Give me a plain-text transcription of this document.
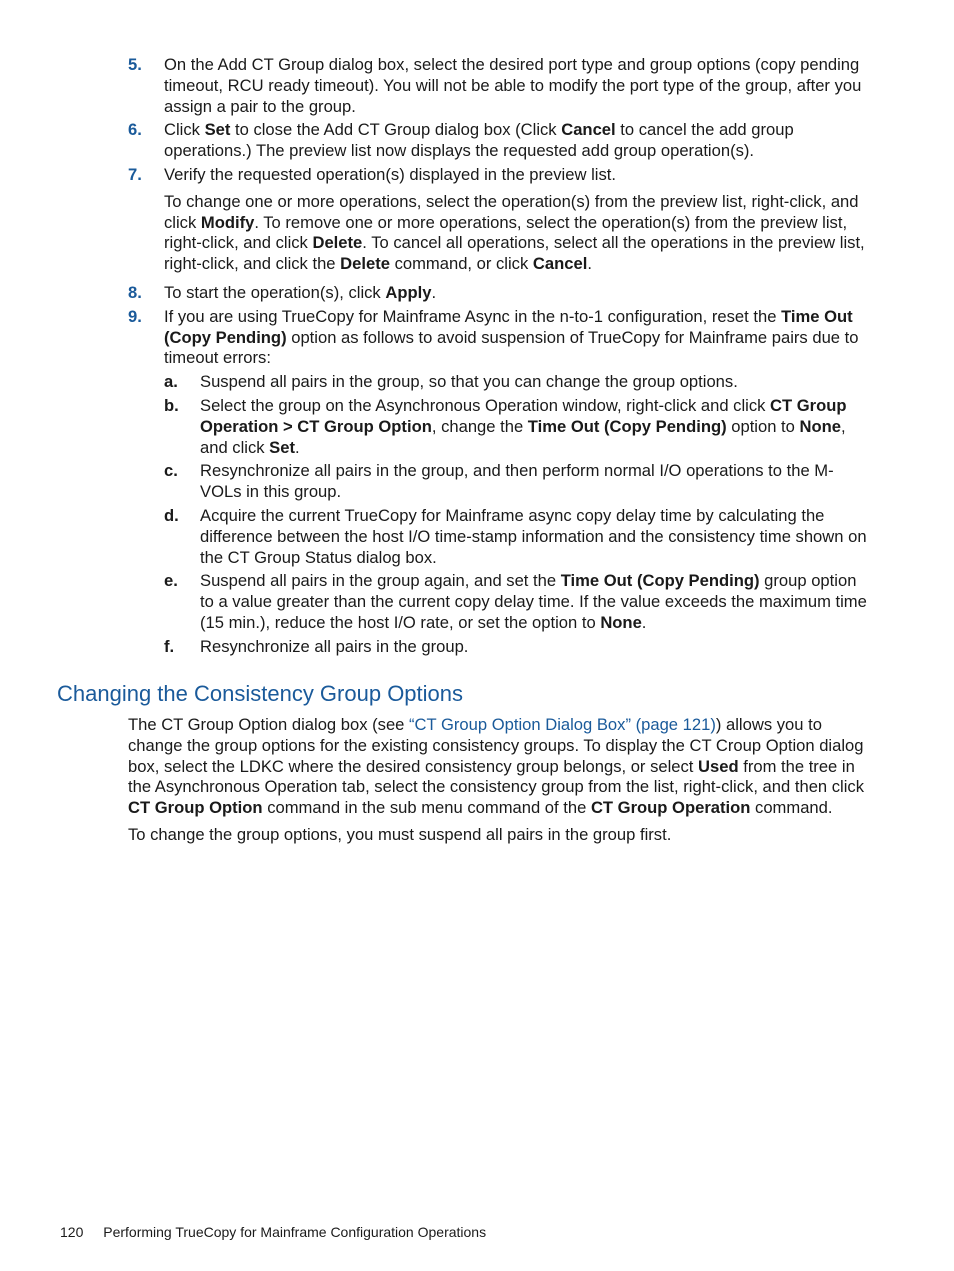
5.	On the Add CT Group dialog box, select the desired port type and group options (copy pending timeout, RCU ready timeout). You will not be able to modify the port type of the group, after you assign a pair to the group.
6.	Click Set to close the Add CT Group dialog box (Click Cancel to cancel the add group operations.) The preview list now displays the requested add group operation(s).
7.	Verify the requested operation(s) displayed in the preview list.
To change one or more operations, select the operation(s) from the preview list, right-click, and click Modify. To remove one or more operations, select the operation(s) from the preview list, right-click, and click Delete. To cancel all operations, select all the operations in the preview list, right-click, and click the Delete command, or click Cancel.
8.	To start the operation(s), click Apply.
9.	If you are using TrueCopy for Mainframe Async in the n-to-1 configuration, reset the Time Out (Copy Pending) option as follows to avoid suspension of TrueCopy for Mainframe pairs due to timeout errors:
a.	Suspend all pairs in the group, so that you can change the group options.
b.	Select the group on the Asynchronous Operation window, right-click and click CT Group Operation > CT Group Option, change the Time Out (Copy Pending) option to None, and click Set.
c.	Resynchronize all pairs in the group, and then perform normal I/O operations to the M-VOLs in this group.
d.	Acquire the current TrueCopy for Mainframe async copy delay time by calculating the difference between the host I/O time-stamp information and the consistency time shown on the CT Group Status dialog box.
e.	Suspend all pairs in the group again, and set the Time Out (Copy Pending) group option to a value greater than the current copy delay time. If the value exceeds the maximum time (15 min.), reduce the host I/O rate, or set the option to None.
f.	Resynchronize all pairs in the group.
Changing the Consistency Group Options

The CT Group Option dialog box (see “CT Group Option Dialog Box” (page 121)) allows you to change the group options for the existing consistency groups. To display the CT Croup Option dialog box, select the LDKC where the desired consistency group belongs, or select Used from the tree in the Asynchronous Operation tab, select the consistency group from the list, right-click, and then click CT Group Option command in the sub menu command of the CT Group Operation command.

To change the group options, you must suspend all pairs in the group first.

120 Performing TrueCopy for Mainframe Configuration Operations
